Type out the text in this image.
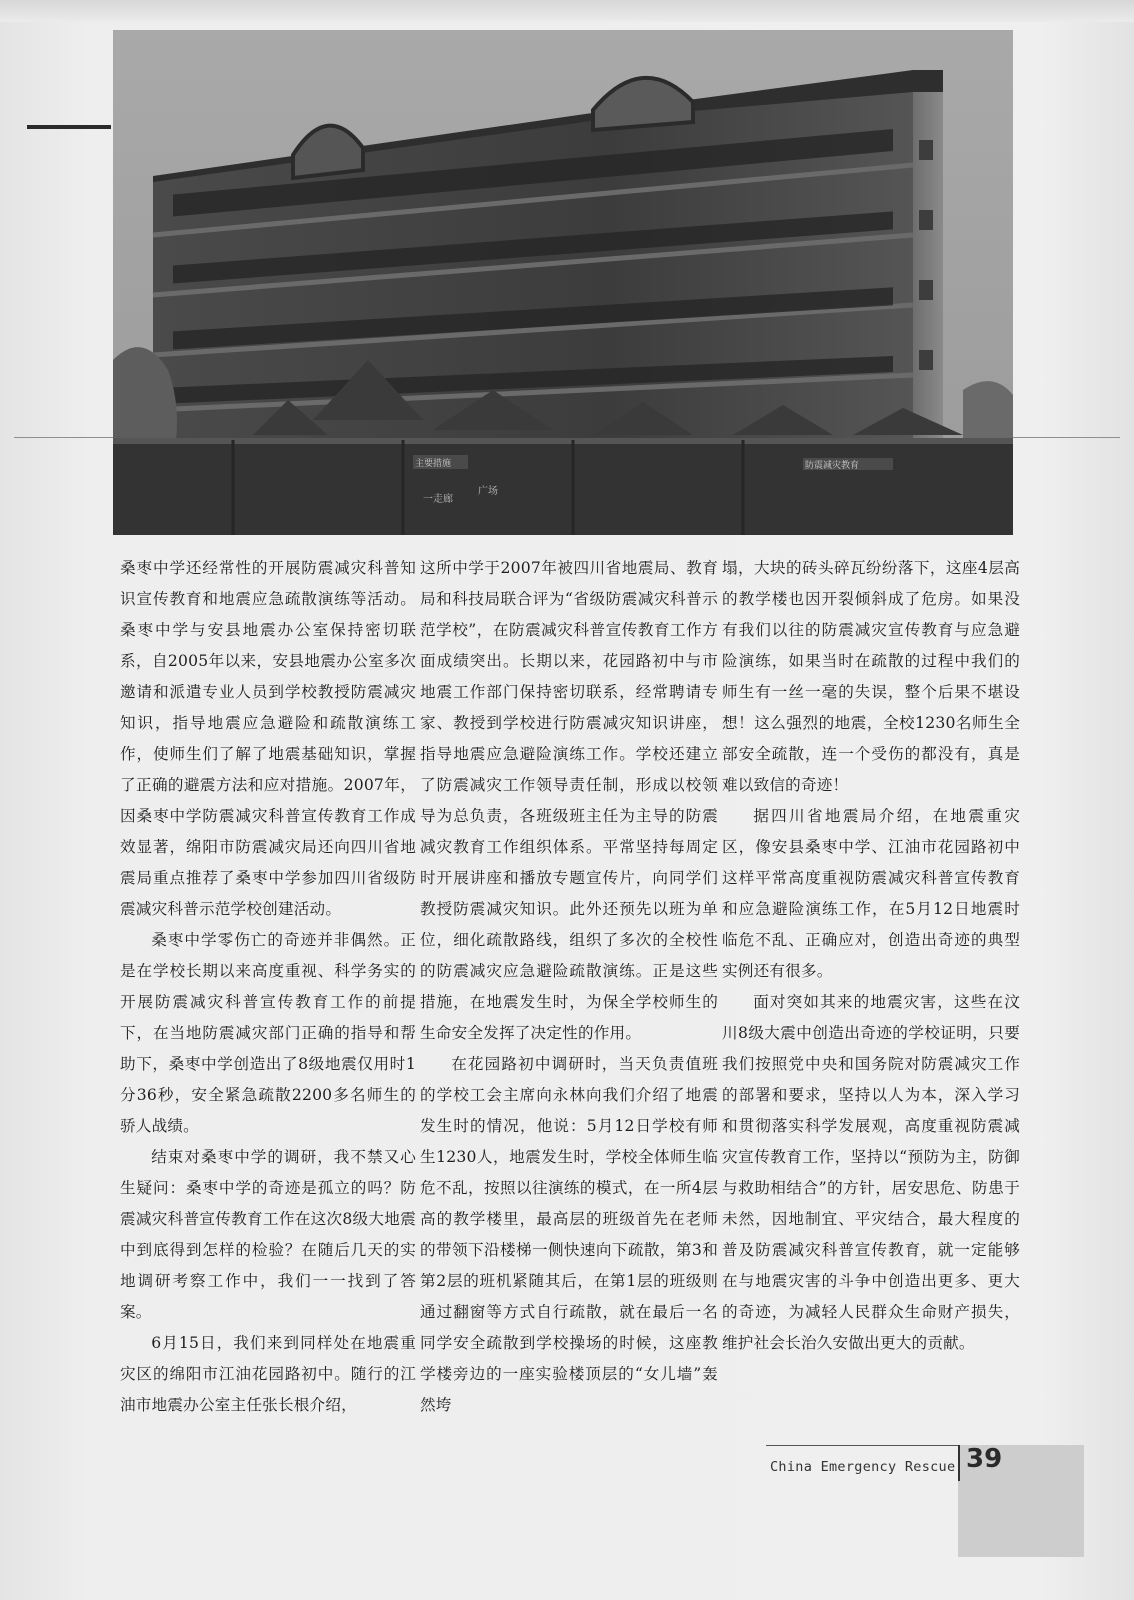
主要措施	防震减灾教育
一走廊
广场

桑枣中学还经常性的开展防震减灾科普知识宣传教育和地震应急疏散演练等活动。桑枣中学与安县地震办公室保持密切联系，自2005年以来，安县地震办公室多次邀请和派遣专业人员到学校教授防震减灾知识，指导地震应急避险和疏散演练工作，使师生们了解了地震基础知识，掌握了正确的避震方法和应对措施。2007年，因桑枣中学防震减灾科普宣传教育工作成效显著，绵阳市防震减灾局还向四川省地震局重点推荐了桑枣中学参加四川省级防震减灾科普示范学校创建活动。

桑枣中学零伤亡的奇迹并非偶然。正是在学校长期以来高度重视、科学务实的开展防震减灾科普宣传教育工作的前提下，在当地防震减灾部门正确的指导和帮助下，桑枣中学创造出了8级地震仅用时1分36秒，安全紧急疏散2200多名师生的骄人战绩。

结束对桑枣中学的调研，我不禁又心生疑问：桑枣中学的奇迹是孤立的吗？防震减灾科普宣传教育工作在这次8级大地震中到底得到怎样的检验？在随后几天的实地调研考察工作中，我们一一找到了答案。

6月15日，我们来到同样处在地震重灾区的绵阳市江油花园路初中。随行的江油市地震办公室主任张长根介绍，

这所中学于2007年被四川省地震局、教育局和科技局联合评为“省级防震减灾科普示范学校”，在防震减灾科普宣传教育工作方面成绩突出。长期以来，花园路初中与市地震工作部门保持密切联系，经常聘请专家、教授到学校进行防震减灾知识讲座，指导地震应急避险演练工作。学校还建立了防震减灾工作领导责任制，形成以校领导为总负责，各班级班主任为主导的防震减灾教育工作组织体系。平常坚持每周定时开展讲座和播放专题宣传片，向同学们教授防震减灾知识。此外还预先以班为单位，细化疏散路线，组织了多次的全校性的防震减灾应急避险疏散演练。正是这些措施，在地震发生时，为保全学校师生的生命安全发挥了决定性的作用。

在花园路初中调研时，当天负责值班的学校工会主席向永林向我们介绍了地震发生时的情况，他说：5月12日学校有师生1230人，地震发生时，学校全体师生临危不乱，按照以往演练的模式，在一所4层高的教学楼里，最高层的班级首先在老师的带领下沿楼梯一侧快速向下疏散，第3和第2层的班机紧随其后，在第1层的班级则通过翻窗等方式自行疏散，就在最后一名同学安全疏散到学校操场的时候，这座教学楼旁边的一座实验楼顶层的“女儿墙”轰然垮

塌，大块的砖头碎瓦纷纷落下，这座4层高的教学楼也因开裂倾斜成了危房。如果没有我们以往的防震减灾宣传教育与应急避险演练，如果当时在疏散的过程中我们的师生有一丝一毫的失误，整个后果不堪设想！这么强烈的地震，全校1230名师生全部安全疏散，连一个受伤的都没有，真是难以致信的奇迹！

据四川省地震局介绍，在地震重灾区，像安县桑枣中学、江油市花园路初中这样平常高度重视防震减灾科普宣传教育和应急避险演练工作，在5月12日地震时临危不乱、正确应对，创造出奇迹的典型实例还有很多。

面对突如其来的地震灾害，这些在汶川8级大震中创造出奇迹的学校证明，只要我们按照党中央和国务院对防震减灾工作的部署和要求，坚持以人为本，深入学习和贯彻落实科学发展观，高度重视防震减灾宣传教育工作，坚持以“预防为主，防御与救助相结合”的方针，居安思危、防患于未然，因地制宜、平灾结合，最大程度的普及防震减灾科普宣传教育，就一定能够在与地震灾害的斗争中创造出更多、更大的奇迹，为减轻人民群众生命财产损失，维护社会长治久安做出更大的贡献。

China Emergency Rescue 39
